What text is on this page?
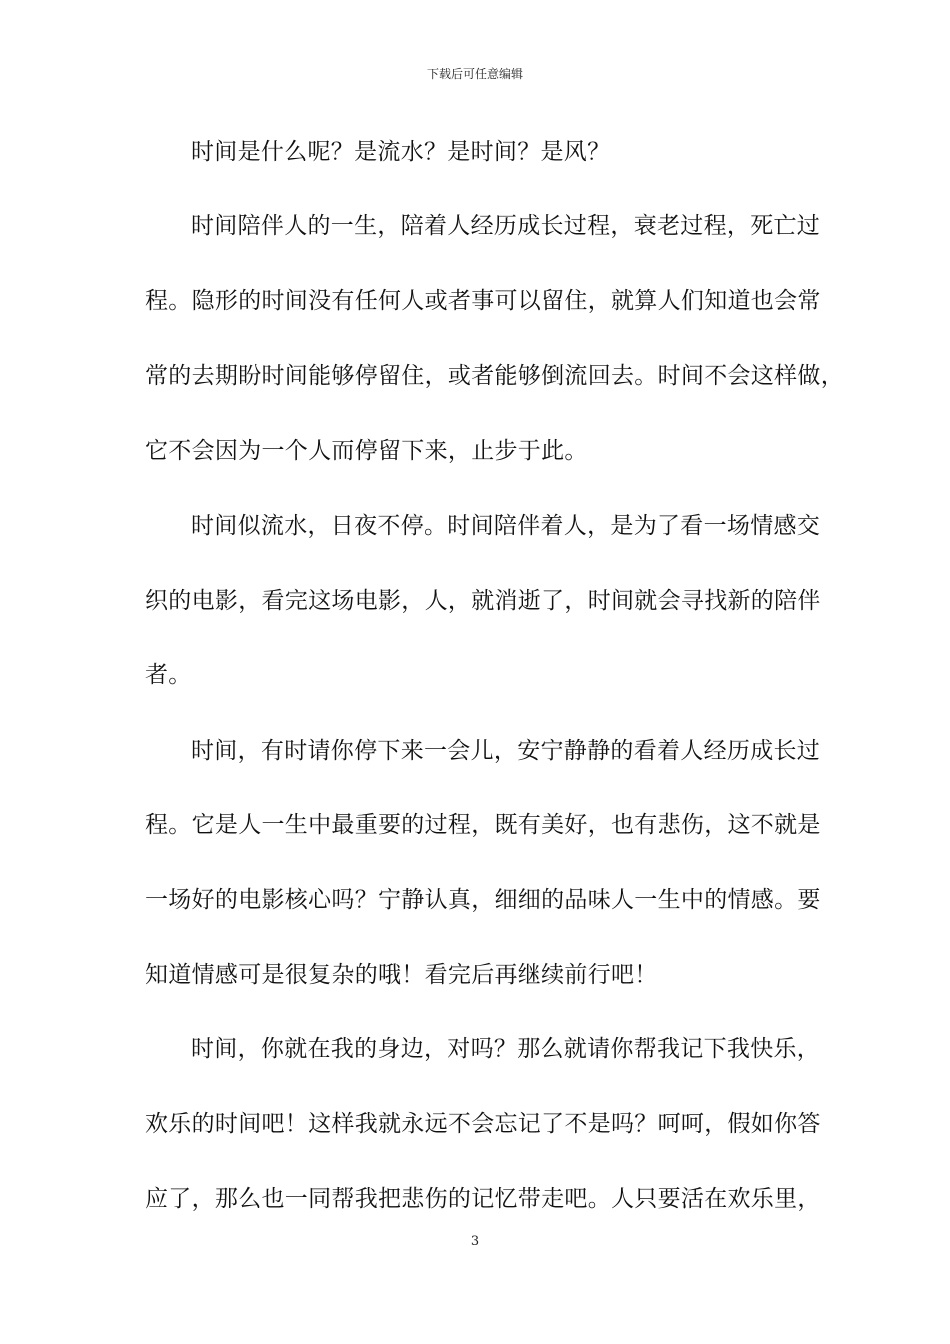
下载后可任意编辑
时间是什么呢？是流水？是时间？是风？
时间陪伴人的一生，陪着人经历成长过程，衰老过程，死亡过
程。隐形的时间没有任何人或者事可以留住，就算人们知道也会常
常的去期盼时间能够停留住，或者能够倒流回去。时间不会这样做，
它不会因为一个人而停留下来，止步于此。
时间似流水，日夜不停。时间陪伴着人，是为了看一场情感交
织的电影，看完这场电影，人，就消逝了，时间就会寻找新的陪伴
者。
时间，有时请你停下来一会儿，安宁静静的看着人经历成长过
程。它是人一生中最重要的过程，既有美好，也有悲伤，这不就是
一场好的电影核心吗？宁静认真，细细的品味人一生中的情感。要
知道情感可是很复杂的哦！看完后再继续前行吧！
时间，你就在我的身边，对吗？那么就请你帮我记下我快乐，
欢乐的时间吧！这样我就永远不会忘记了不是吗？呵呵，假如你答
应了，那么也一同帮我把悲伤的记忆带走吧。人只要活在欢乐里，
3
